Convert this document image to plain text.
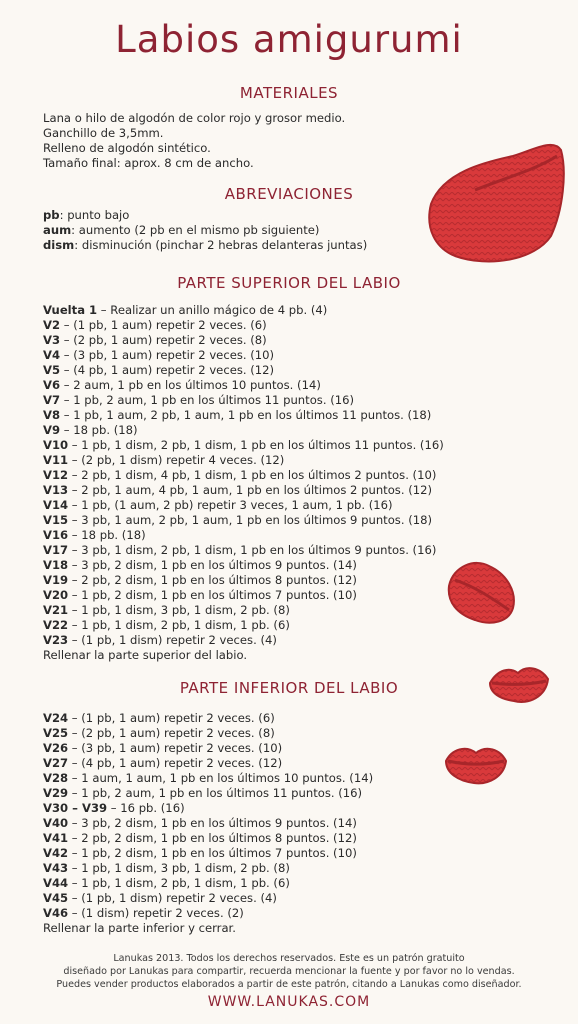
Labios amigurumi
MATERIALES
Lana o hilo de algodón de color rojo y grosor medio.
Ganchillo de 3,5mm.
Relleno de algodón sintético.
Tamaño final: aprox. 8 cm de ancho.
ABREVIACIONES
pb: punto bajo
aum: aumento (2 pb en el mismo pb siguiente)
dism: disminución (pinchar 2 hebras delanteras juntas)
PARTE SUPERIOR DEL LABIO
Vuelta 1 – Realizar un anillo mágico de 4 pb. (4)
V2 – (1 pb, 1 aum) repetir 2 veces. (6)
V3 – (2 pb, 1 aum) repetir 2 veces. (8)
V4 – (3 pb, 1 aum) repetir 2 veces. (10)
V5 – (4 pb, 1 aum) repetir 2 veces. (12)
V6 – 2 aum, 1 pb en los últimos 10 puntos. (14)
V7 – 1 pb, 2 aum, 1 pb en los últimos 11 puntos. (16)
V8 – 1 pb, 1 aum, 2 pb, 1 aum, 1 pb en los últimos 11 puntos. (18)
V9 – 18 pb. (18)
V10 – 1 pb, 1 dism, 2 pb, 1 dism, 1 pb en los últimos 11 puntos. (16)
V11 – (2 pb, 1 dism) repetir 4 veces. (12)
V12 – 2 pb, 1 dism, 4 pb, 1 dism, 1 pb en los últimos 2 puntos. (10)
V13 – 2 pb, 1 aum, 4 pb, 1 aum, 1 pb en los últimos 2 puntos. (12)
V14 – 1 pb, (1 aum, 2 pb) repetir 3 veces, 1 aum, 1 pb. (16)
V15 – 3 pb, 1 aum, 2 pb, 1 aum, 1 pb en los últimos 9 puntos. (18)
V16 – 18 pb. (18)
V17 – 3 pb, 1 dism, 2 pb, 1 dism, 1 pb en los últimos 9 puntos. (16)
V18 – 3 pb, 2 dism, 1 pb en los últimos 9 puntos. (14)
V19 – 2 pb, 2 dism, 1 pb en los últimos 8 puntos. (12)
V20 – 1 pb, 2 dism, 1 pb en los últimos 7 puntos. (10)
V21 – 1 pb, 1 dism, 3 pb, 1 dism, 2 pb. (8)
V22 – 1 pb, 1 dism, 2 pb, 1 dism, 1 pb. (6)
V23 – (1 pb, 1 dism) repetir 2 veces. (4)
Rellenar la parte superior del labio.
PARTE INFERIOR DEL LABIO
V24 – (1 pb, 1 aum) repetir 2 veces. (6)
V25 – (2 pb, 1 aum) repetir 2 veces. (8)
V26 – (3 pb, 1 aum) repetir 2 veces. (10)
V27 – (4 pb, 1 aum) repetir 2 veces. (12)
V28 – 1 aum, 1 aum, 1 pb en los últimos 10 puntos. (14)
V29 – 1 pb, 2 aum, 1 pb en los últimos 11 puntos. (16)
V30 – V39 – 16 pb. (16)
V40 – 3 pb, 2 dism, 1 pb en los últimos 9 puntos. (14)
V41 – 2 pb, 2 dism, 1 pb en los últimos 8 puntos. (12)
V42 – 1 pb, 2 dism, 1 pb en los últimos 7 puntos. (10)
V43 – 1 pb, 1 dism, 3 pb, 1 dism, 2 pb. (8)
V44 – 1 pb, 1 dism, 2 pb, 1 dism, 1 pb. (6)
V45 – (1 pb, 1 dism) repetir 2 veces. (4)
V46 – (1 dism) repetir 2 veces. (2)
Rellenar la parte inferior y cerrar.
Lanukas 2013. Todos los derechos reservados. Este es un patrón gratuito
diseñado por Lanukas para compartir, recuerda mencionar la fuente y por favor no lo vendas.
Puedes vender productos elaborados a partir de este patrón, citando a Lanukas como diseñador.
WWW.LANUKAS.COM
